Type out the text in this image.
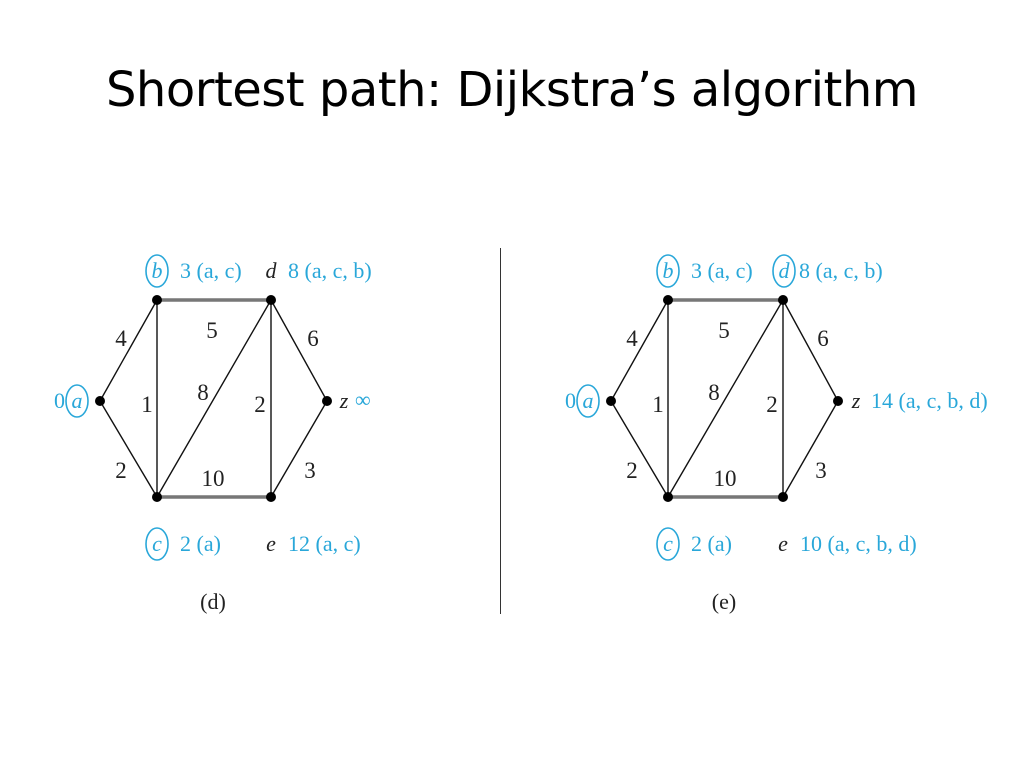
Shortest path: Dijkstra’s algorithm
4
2
1
5
8
10
2
6
3
0 a
b 3 (a, c) d 8 (a, c, b)
z ∞
c 2 (a) e 12 (a, c)
(d)
4
2
1
5
8
10
2
6
3
0 a
b 3 (a, c) d 8 (a, c, b)
z 14 (a, c, b, d)
c 2 (a) e 10 (a, c, b, d)
(e)
